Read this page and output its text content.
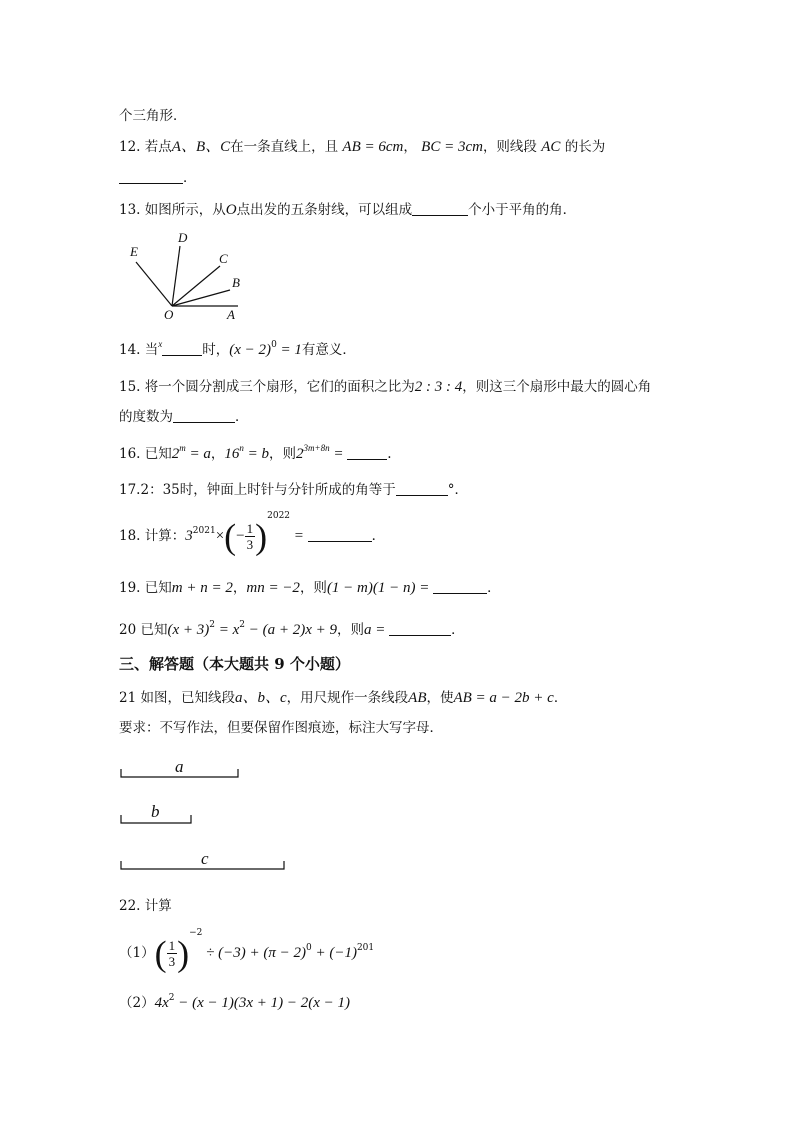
个三角形．
12. 若点A、B、C在一条直线上，且 AB = 6cm， BC = 3cm，则线段 AC 的长为
．
13. 如图所示，从O点出发的五条射线，可以组成	个小于平角的角．
E
D
C
B
O	A
14. 当$^x$	时，$(x - 2)^0 = 1$有意义．
15. 将一个圆分割成三个扇形，它们的面积之比为2 : 3 : 4，则这三个扇形中最大的圆心角
的度数为	．
16. 已知$2^m = a$，$16^n = b$，则$2^{3m+8n}$ =	.
17.2：35时，钟面上时针与分针所成的角等于	°．
18. 计算：$3^{2021}\times(- \frac{1}{3} )^{2022}$ =	．
19. 已知m + n = 2，mn = −2，则(1 − m)(1 − n) =	．
20 已知$(x + 3)^2 = x^2 - (a + 2)x + 9$，则a =	．
三、解答题（本大题共 9 个小题）
21 如图，已知线段a、b、c，用尺规作一条线段AB，使AB = a − 2b + c．
要求：不写作法，但要保留作图痕迹，标注大写字母．
a
b
c
22. 计算
$(1)( \frac{1}{3} )^{-2} \div (-3) + (\pi - 2)^0 + (-1)^{201}$
$(2)4x^2 - (x - 1)(3x + 1) - 2(x - 1)$
